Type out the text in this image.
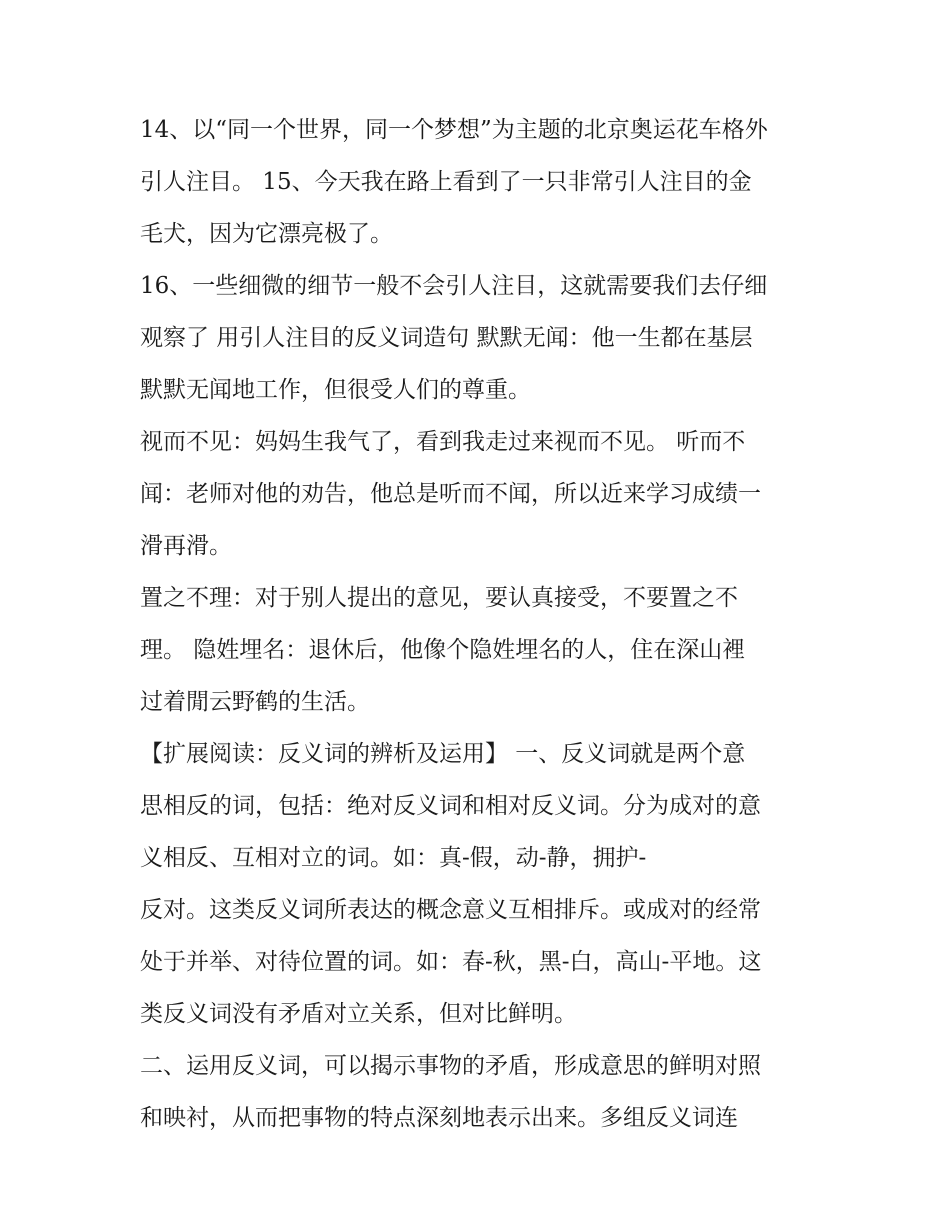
14、以“同一个世界，同一个梦想”为主题的北京奥运花车格外
引人注目。 15、今天我在路上看到了一只非常引人注目的金
毛犬，因为它漂亮极了。
16、一些细微的细节一般不会引人注目，这就需要我们去仔细
观察了 用引人注目的反义词造句 默默无闻：他一生都在基层
默默无闻地工作，但很受人们的尊重。
视而不见：妈妈生我气了，看到我走过来视而不见。 听而不
闻：老师对他的劝告，他总是听而不闻，所以近来学习成绩一
滑再滑。
置之不理：对于别人提出的意见，要认真接受，不要置之不
理。 隐姓埋名：退休后，他像个隐姓埋名的人，住在深山裡
过着閒云野鹤的生活。
【扩展阅读：反义词的辨析及运用】 一、反义词就是两个意
思相反的词，包括：绝对反义词和相对反义词。分为成对的意
义相反、互相对立的词。如：真-假，动-静，拥护-
反对。这类反义词所表达的概念意义互相排斥。或成对的经常
处于并举、对待位置的词。如：春-秋，黑-白，高山-平地。这
类反义词没有矛盾对立关系，但对比鲜明。
二、运用反义词，可以揭示事物的矛盾，形成意思的鲜明对照
和映衬，从而把事物的特点深刻地表示出来。多组反义词连
